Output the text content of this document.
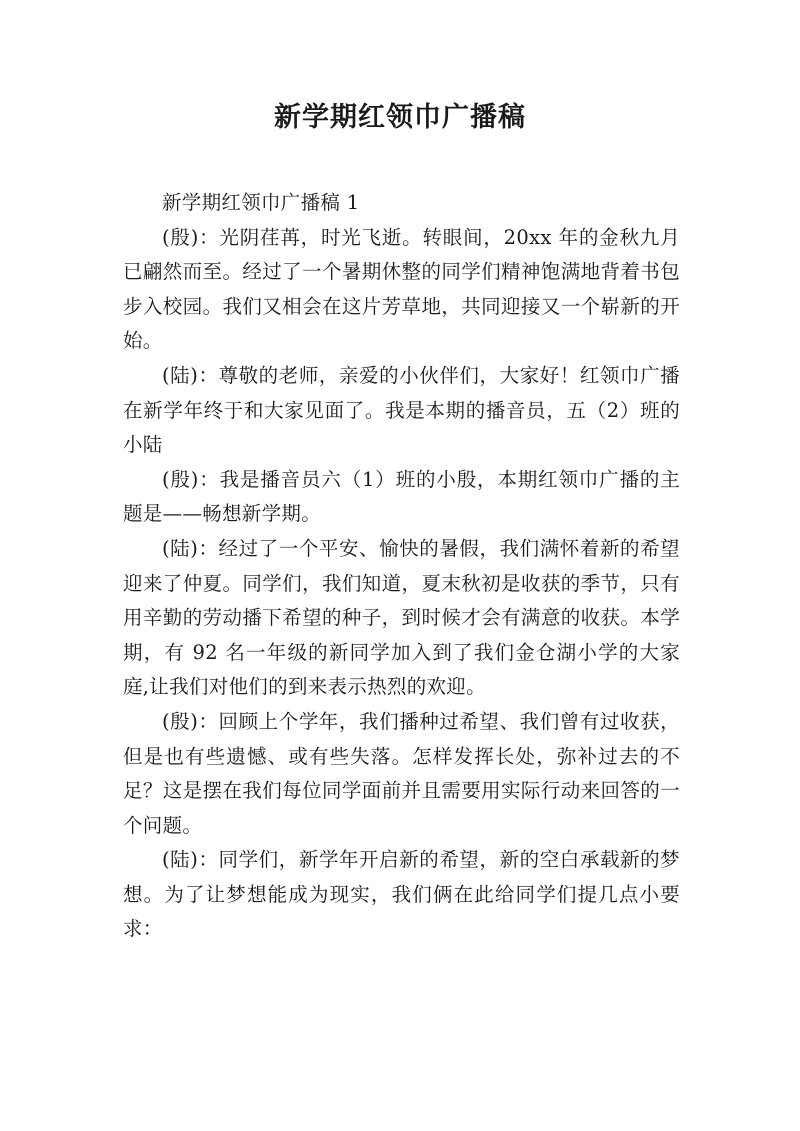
新学期红领巾广播稿

新学期红领巾广播稿 1

(殷)：光阴荏苒，时光飞逝。转眼间，20xx 年的金秋九月已翩然而至。经过了一个暑期休整的同学们精神饱满地背着书包步入校园。我们又相会在这片芳草地，共同迎接又一个崭新的开始。

(陆)：尊敬的老师，亲爱的小伙伴们，大家好！红领巾广播在新学年终于和大家见面了。我是本期的播音员，五（2）班的小陆

(殷)：我是播音员六（1）班的小殷，本期红领巾广播的主题是——畅想新学期。

(陆)：经过了一个平安、愉快的暑假，我们满怀着新的希望迎来了仲夏。同学们，我们知道，夏末秋初是收获的季节，只有用辛勤的劳动播下希望的种子，到时候才会有满意的收获。本学期，有 92 名一年级的新同学加入到了我们金仓湖小学的大家庭,让我们对他们的到来表示热烈的欢迎。

(殷)：回顾上个学年，我们播种过希望、我们曾有过收获，但是也有些遗憾、或有些失落。怎样发挥长处，弥补过去的不足？这是摆在我们每位同学面前并且需要用实际行动来回答的一个问题。

(陆)：同学们，新学年开启新的希望，新的空白承载新的梦想。为了让梦想能成为现实，我们俩在此给同学们提几点小要求：
